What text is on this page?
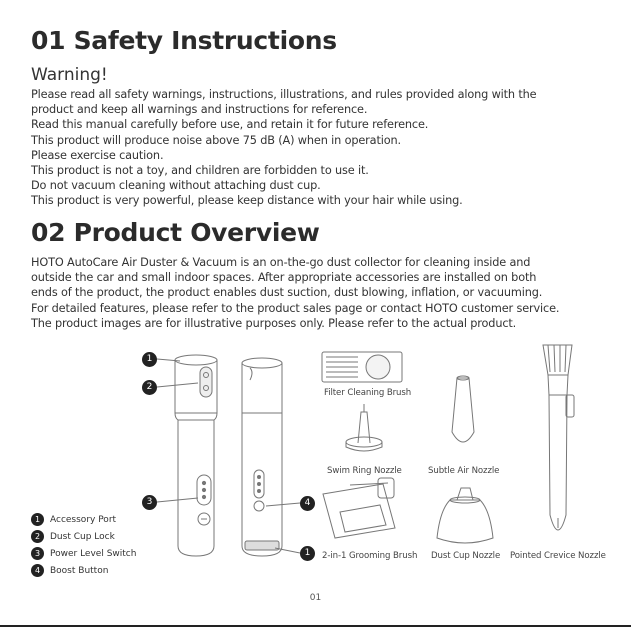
01 Safety Instructions
Warning!
Please read all safety warnings, instructions, illustrations, and rules provided along with the
product and keep all warnings and instructions for reference.
Read this manual carefully before use, and retain it for future reference.
This product will produce noise above 75 dB (A) when in operation.
Please exercise caution.
This product is not a toy, and children are forbidden to use it.
Do not vacuum cleaning without attaching dust cup.
This product is very powerful, please keep distance with your hair while using.
02 Product Overview
HOTO AutoCare Air Duster & Vacuum is an on-the-go dust collector for cleaning inside and
outside the car and small indoor spaces. After appropriate accessories are installed on both
ends of the product, the product enables dust suction, dust blowing, inflation, or vacuuming.
For detailed features, please refer to the product sales page or contact HOTO customer service.
The product images are for illustrative purposes only. Please refer to the actual product.
1
2
3	4
1
Filter Cleaning Brush
Swim Ring Nozzle	Subtle Air Nozzle
2-in-1 Grooming Brush Dust Cup Nozzle Pointed Crevice Nozzle
1 Accessory Port
2 Dust Cup Lock
3 Power Level Switch
4 Boost Button
01
